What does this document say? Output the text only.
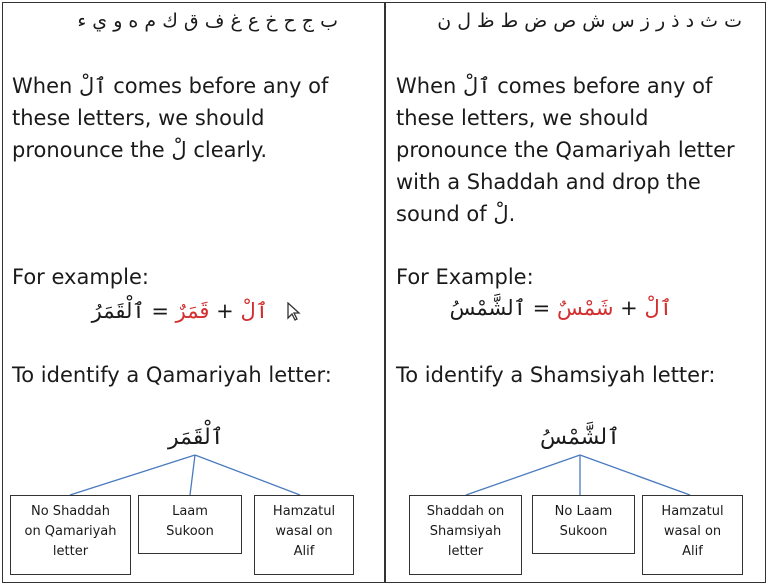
ب ج ح خ ع غ ف ق ك م ه و ي ء
When ٱلْ comes before any of
these letters, we should
pronounce the لْ clearly.
For example:
ٱلْ + قَمَرٌ = ٱلْقَمَرُ
To identify a Qamariyah letter:
ٱلْقَمَر
ت ث د ذ ر ز س ش ص ض ط ظ ل ن
When ٱلْ comes before any of
these letters, we should
pronounce the Qamariyah letter
with a Shaddah and drop the
sound of لْ.
For Example:
ٱلْ + شَمْسٌ = ٱلشَّمْسُ
To identify a Shamsiyah letter:
ٱلشَّمْسُ
No Shaddah
on Qamariyah
letter
Laam
Sukoon
Hamzatul
wasal on
Alif
Shaddah on
Shamsiyah
letter
No Laam
Sukoon
Hamzatul
wasal on
Alif
